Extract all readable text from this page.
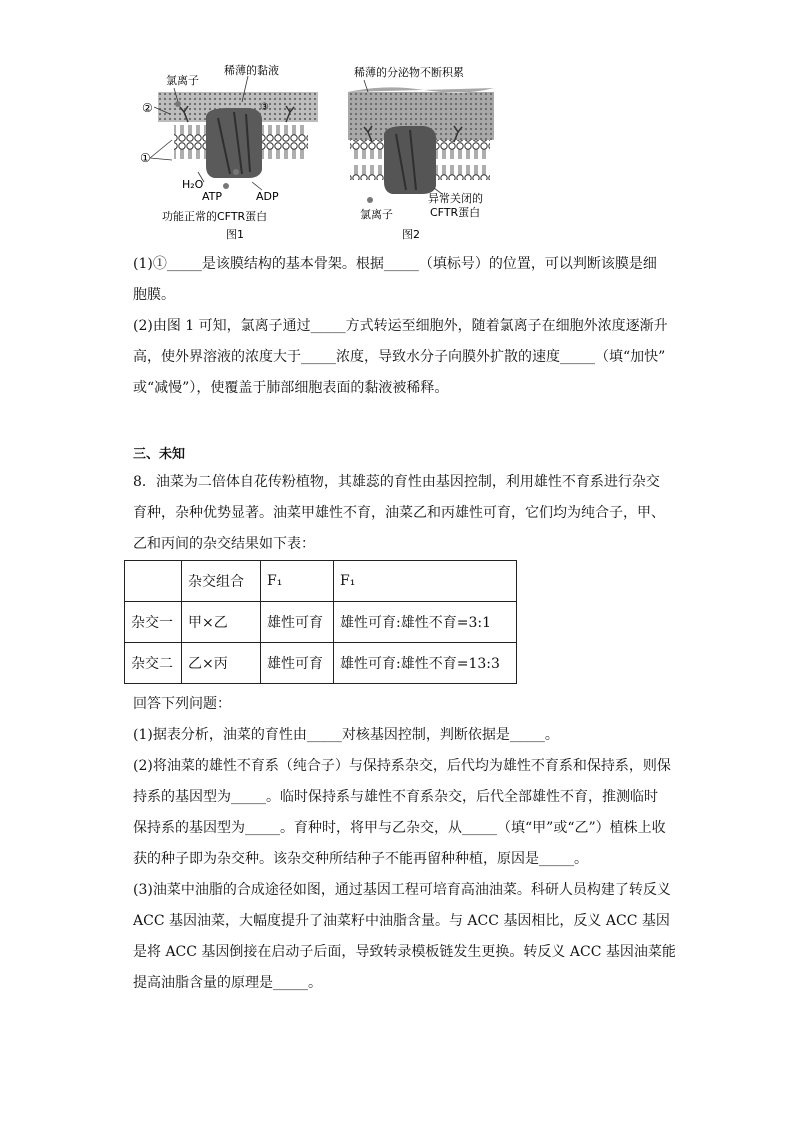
氯离子
稀薄的黏液
②	③
①
H₂O
ATP	ADP
功能正常的CFTR蛋白
图1
稀薄的分泌物不断积累
异常关闭的
CFTR蛋白
氯离子
图2
(1)①_____是该膜结构的基本骨架。根据_____（填标号）的位置，可以判断该膜是细
胞膜。
(2)由图 1 可知，氯离子通过_____方式转运至细胞外，随着氯离子在细胞外浓度逐渐升
高，使外界溶液的浓度大于_____浓度，导致水分子向膜外扩散的速度_____（填“加快”
或“减慢”），使覆盖于肺部细胞表面的黏液被稀释。
三、未知
8．油菜为二倍体自花传粉植物，其雄蕊的育性由基因控制，利用雄性不育系进行杂交
育种，杂种优势显著。油菜甲雄性不育，油菜乙和丙雄性可育，它们均为纯合子，甲、
乙和丙间的杂交结果如下表：
	杂交组合	F₁	F₁
杂交一	甲×乙	雄性可育	雄性可育:雄性不育=3:1
杂交二	乙×丙	雄性可育	雄性可育:雄性不育=13:3
回答下列问题：
(1)据表分析，油菜的育性由_____对核基因控制，判断依据是_____。
(2)将油菜的雄性不育系（纯合子）与保持系杂交，后代均为雄性不育系和保持系，则保
持系的基因型为_____。临时保持系与雄性不育系杂交，后代全部雄性不育，推测临时
保持系的基因型为_____。育种时，将甲与乙杂交，从_____（填“甲”或“乙”）植株上收
获的种子即为杂交种。该杂交种所结种子不能再留种种植，原因是_____。
(3)油菜中油脂的合成途径如图，通过基因工程可培育高油油菜。科研人员构建了转反义
ACC 基因油菜，大幅度提升了油菜籽中油脂含量。与 ACC 基因相比，反义 ACC 基因
是将 ACC 基因倒接在启动子后面，导致转录模板链发生更换。转反义 ACC 基因油菜能
提高油脂含量的原理是_____。
